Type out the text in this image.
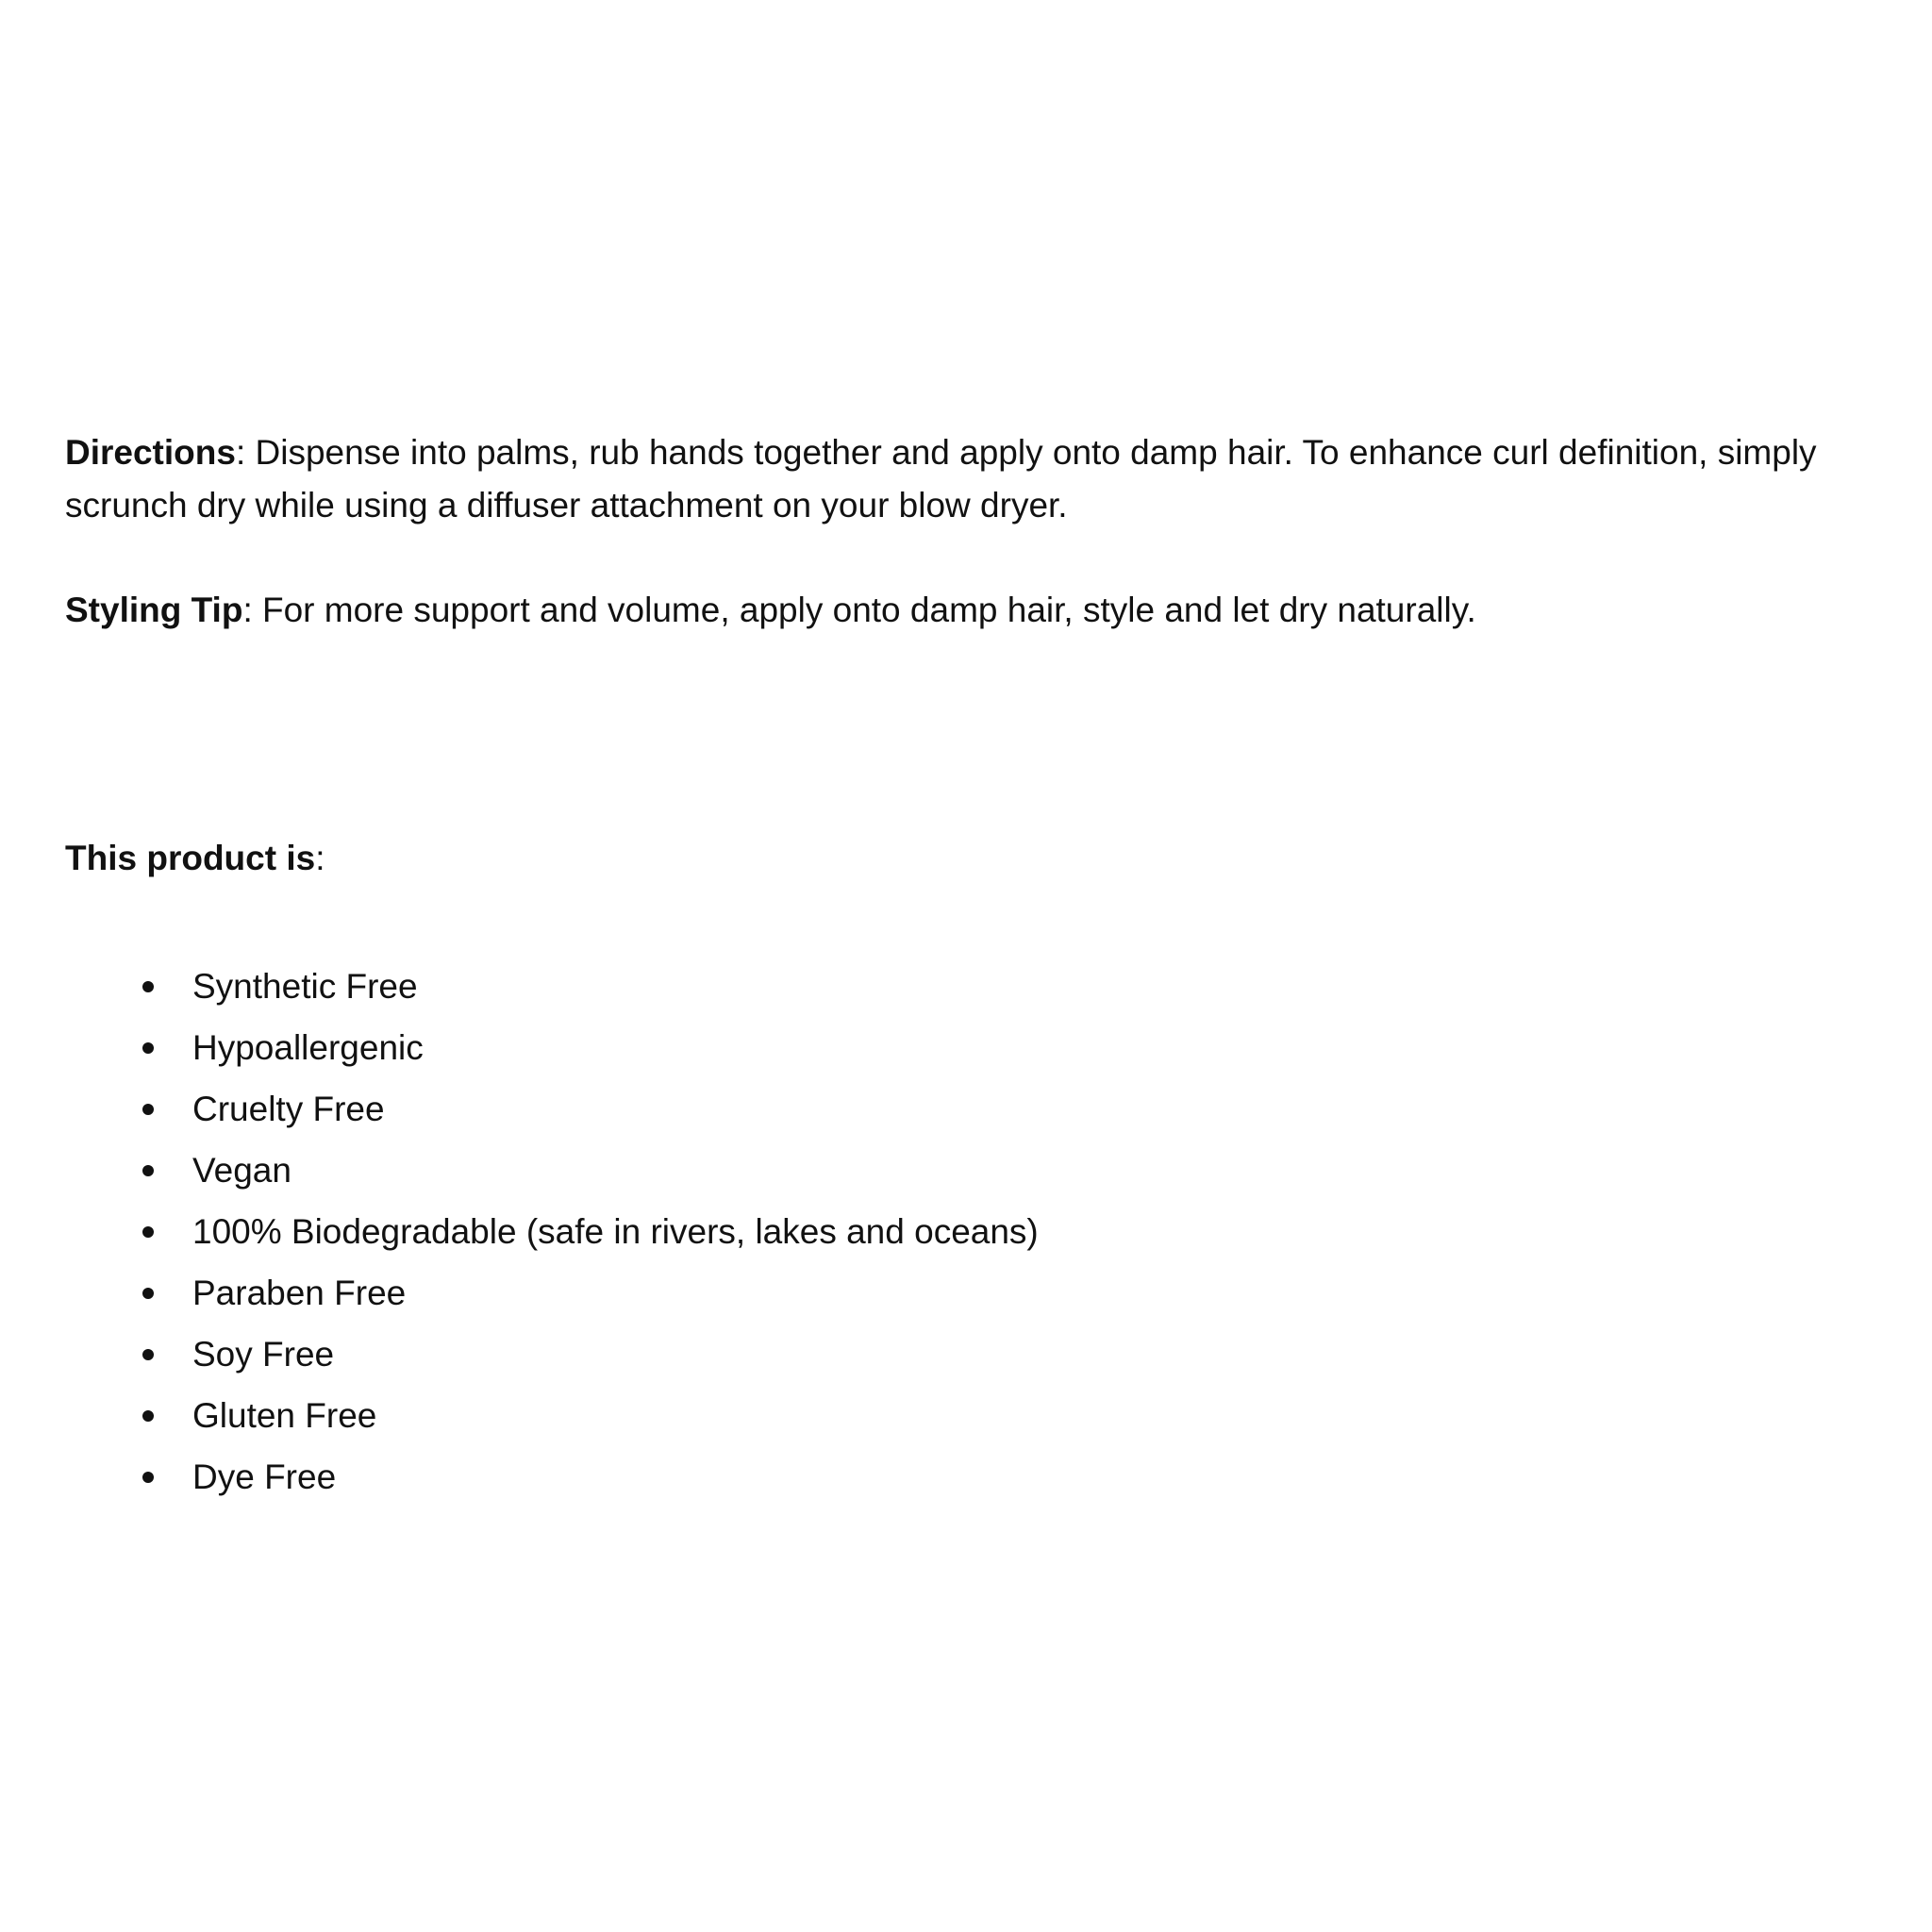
Directions: Dispense into palms, rub hands together and apply onto damp hair. To enhance curl definition, simply scrunch dry while using a diffuser attachment on your blow dryer.

Styling Tip: For more support and volume, apply onto damp hair, style and let dry naturally.

This product is:

Synthetic Free
Hypoallergenic
Cruelty Free
Vegan
100% Biodegradable (safe in rivers, lakes and oceans)
Paraben Free
Soy Free
Gluten Free
Dye Free
